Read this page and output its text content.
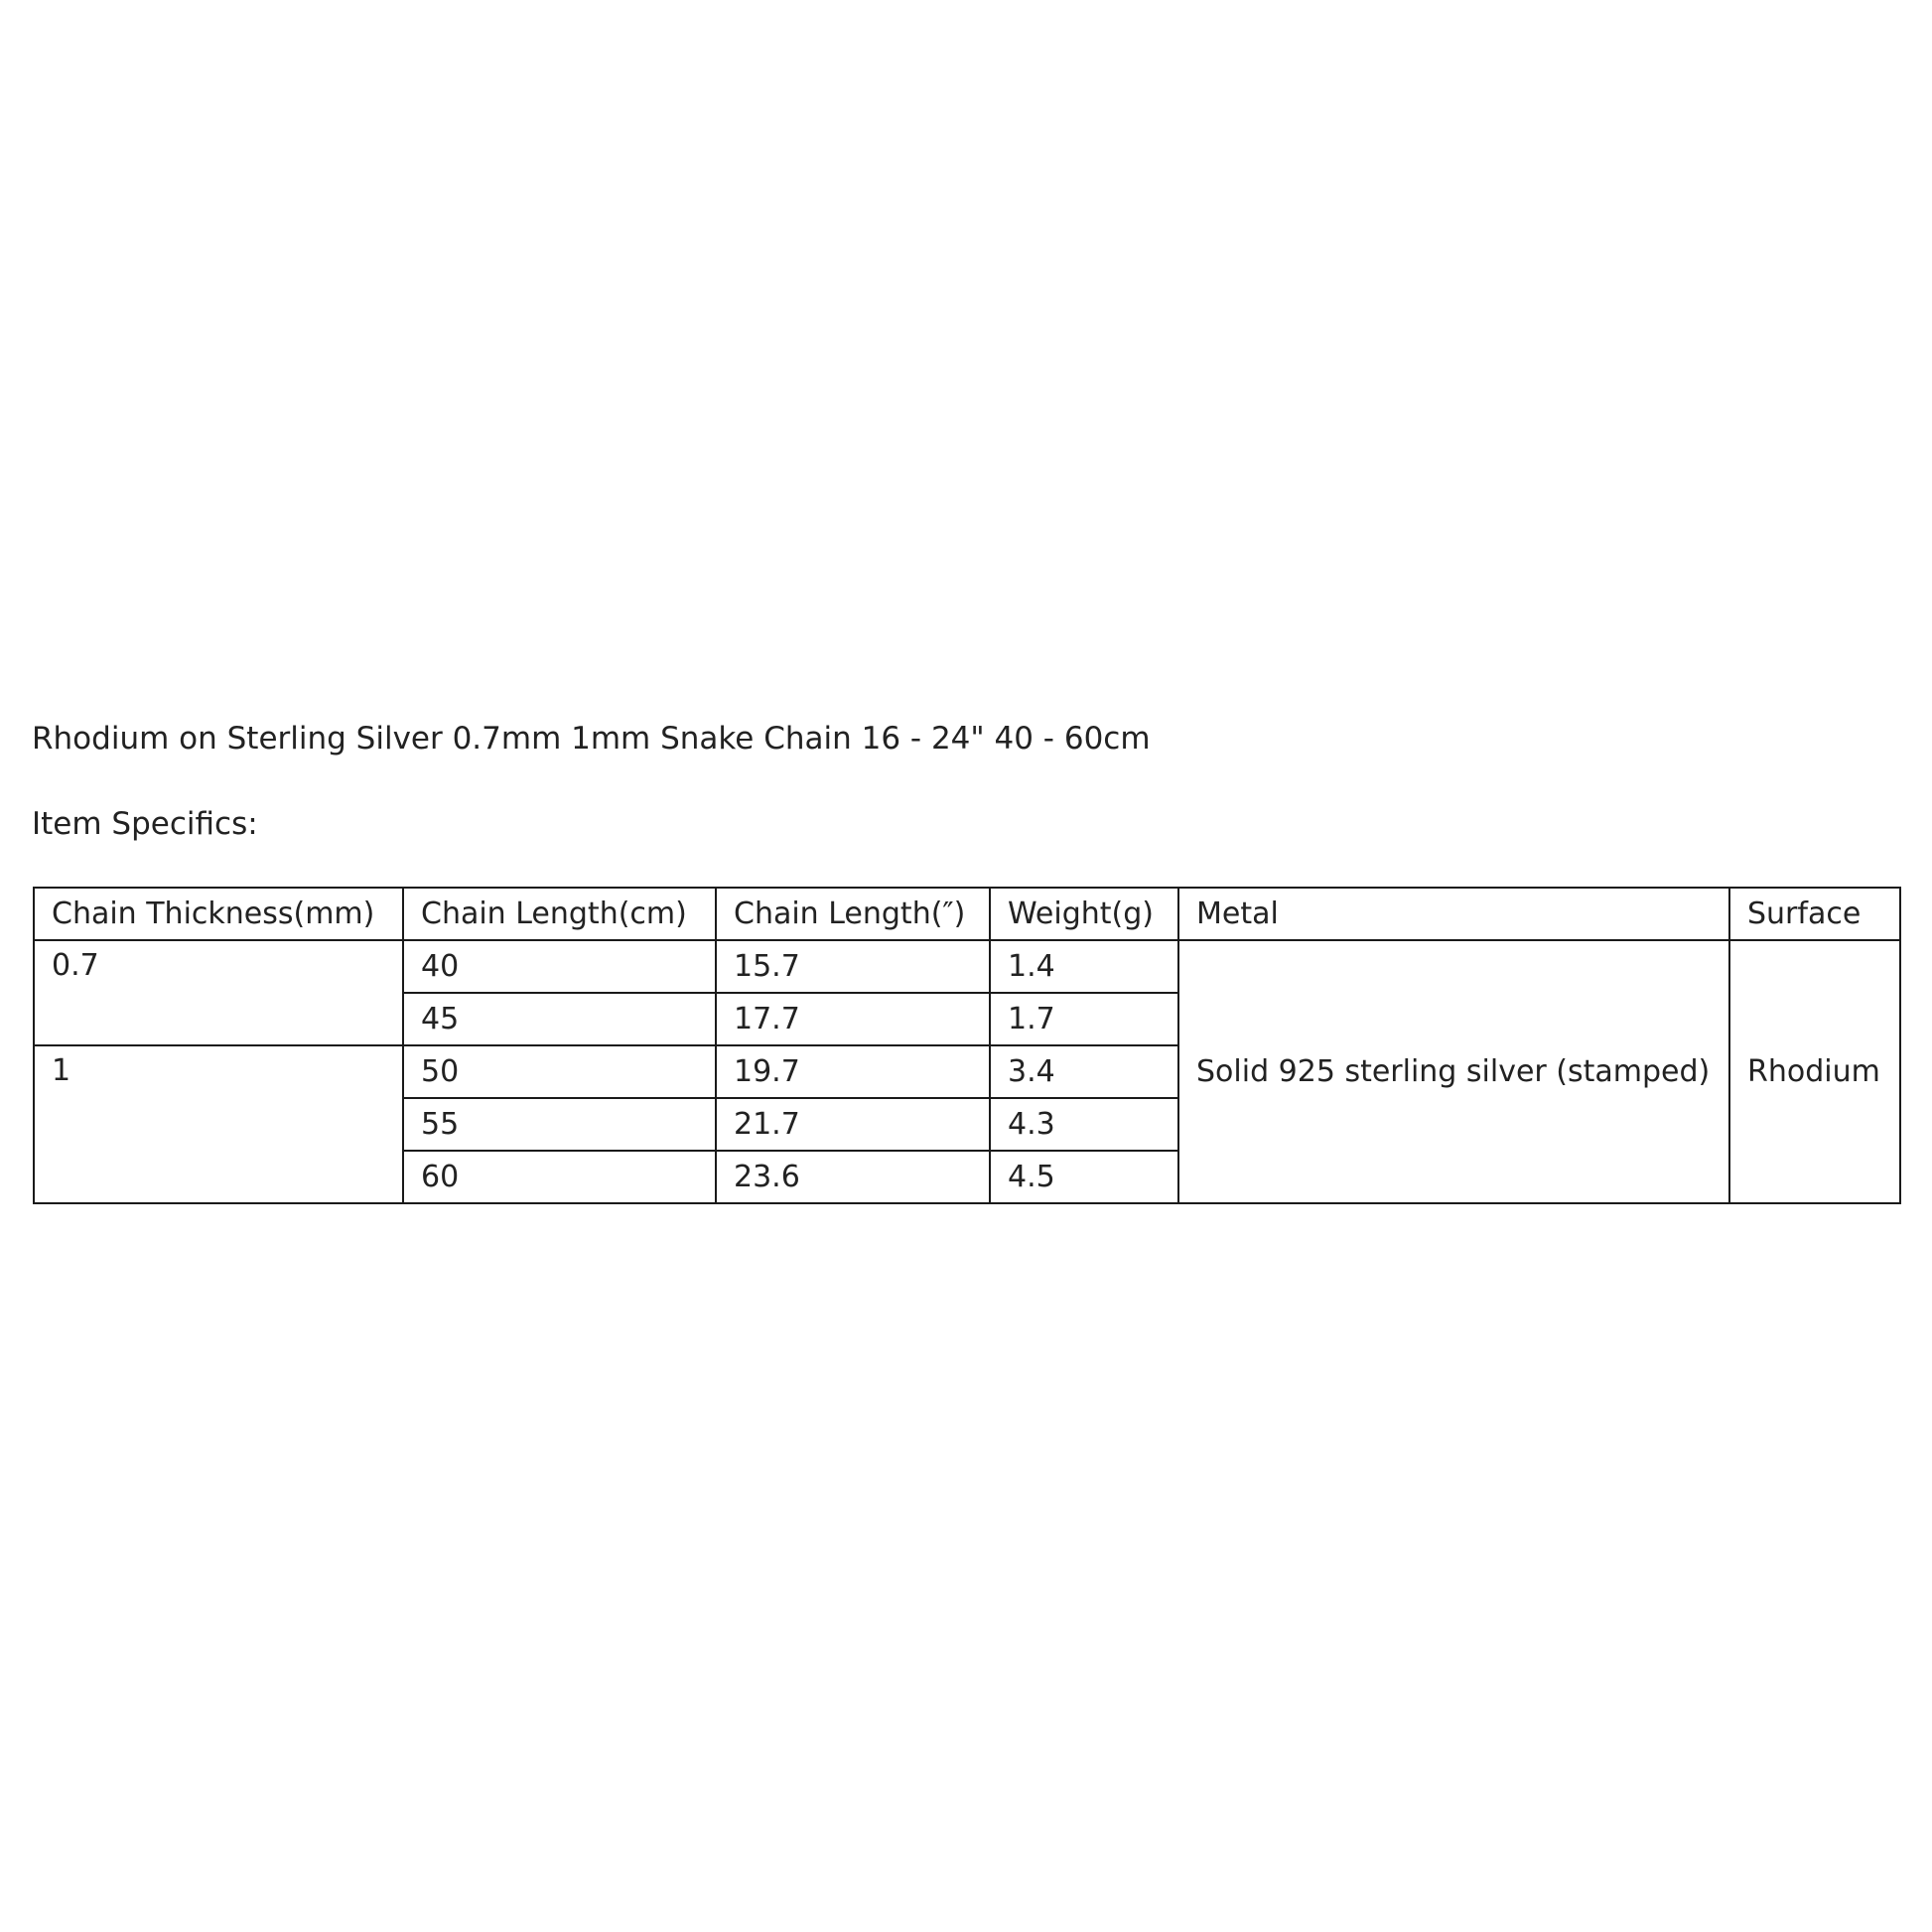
Rhodium on Sterling Silver 0.7mm 1mm Snake Chain 16 - 24" 40 - 60cm
Item Specifics:
Chain Thickness(mm)	Chain Length(cm)	Chain Length(″)	Weight(g)	Metal	Surface
0.7	40	15.7	1.4	Solid 925 sterling silver (stamped)	Rhodium
	45	17.7	1.7		
1	50	19.7	3.4		
	55	21.7	4.3		
	60	23.6	4.5		
